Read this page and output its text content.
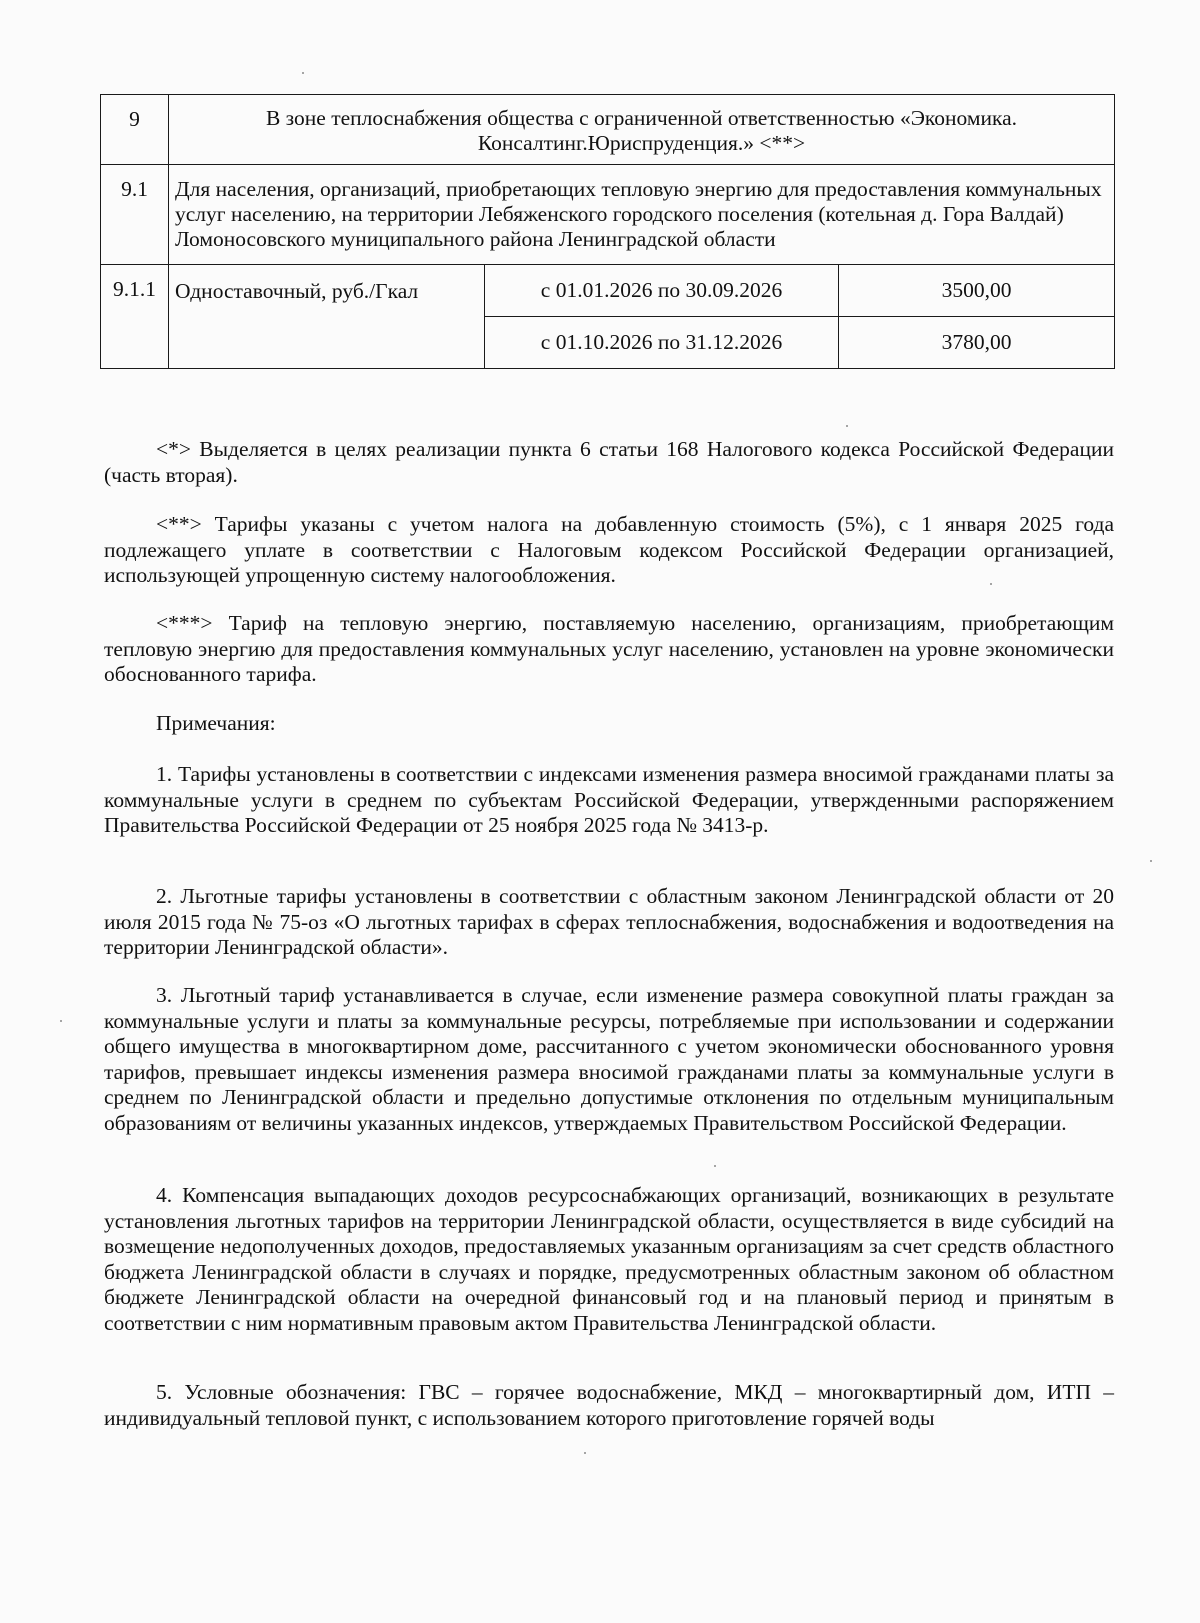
9	В зоне теплоснабжения общества с ограниченной ответственностью «Экономика. Консалтинг.Юриспруденция.» <**>		
9.1	Для населения, организаций, приобретающих тепловую энергию для предоставления коммунальных услуг населению, на территории Лебяженского городского поселения (котельная д. Гора Валдай) Ломоносовского муниципального района Ленинградской области		
9.1.1	Одноставочный, руб./Гкал	с 01.01.2026 по 30.09.2026	3500,00
		с 01.10.2026 по 31.12.2026	3780,00

<*> Выделяется в целях реализации пункта 6 статьи 168 Налогового кодекса Российской Федерации (часть вторая).

<**> Тарифы указаны с учетом налога на добавленную стоимость (5%), с 1 января 2025 года подлежащего уплате в соответствии с Налоговым кодексом Российской Федерации организацией, использующей упрощенную систему налогообложения.

<***> Тариф на тепловую энергию, поставляемую населению, организациям, приобретающим тепловую энергию для предоставления коммунальных услуг населению, установлен на уровне экономически обоснованного тарифа.

Примечания:

1. Тарифы установлены в соответствии с индексами изменения размера вносимой гражданами платы за коммунальные услуги в среднем по субъектам Российской Федерации, утвержденными распоряжением Правительства Российской Федерации от 25 ноября 2025 года № 3413-р.

2. Льготные тарифы установлены в соответствии с областным законом Ленинградской области от 20 июля 2015 года № 75-оз «О льготных тарифах в сферах теплоснабжения, водоснабжения и водоотведения на территории Ленинградской области».

3. Льготный тариф устанавливается в случае, если изменение размера совокупной платы граждан за коммунальные услуги и платы за коммунальные ресурсы, потребляемые при использовании и содержании общего имущества в многоквартирном доме, рассчитанного с учетом экономически обоснованного уровня тарифов, превышает индексы изменения размера вносимой гражданами платы за коммунальные услуги в среднем по Ленинградской области и предельно допустимые отклонения по отдельным муниципальным образованиям от величины указанных индексов, утверждаемых Правительством Российской Федерации.

4. Компенсация выпадающих доходов ресурсоснабжающих организаций, возникающих в результате установления льготных тарифов на территории Ленинградской области, осуществляется в виде субсидий на возмещение недополученных доходов, предоставляемых указанным организациям за счет средств областного бюджета Ленинградской области в случаях и порядке, предусмотренных областным законом об областном бюджете Ленинградской области на очередной финансовый год и на плановый период и принятым в соответствии с ним нормативным правовым актом Правительства Ленинградской области.

5. Условные обозначения: ГВС – горячее водоснабжение, МКД – многоквартирный дом, ИТП – индивидуальный тепловой пункт, с использованием которого приготовление горячей воды
